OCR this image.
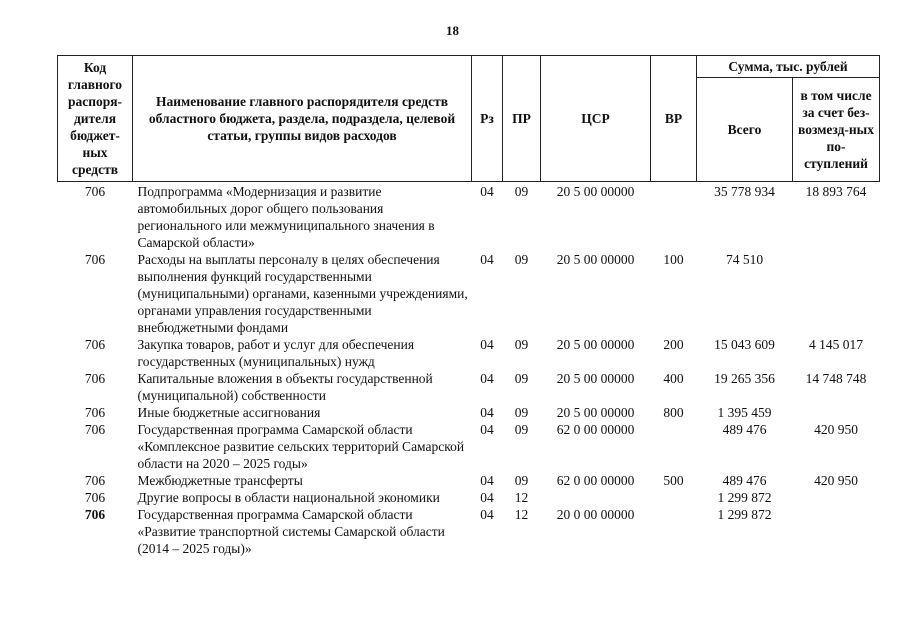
18
Код главного распоря-дителя бюджет-ных средств	Наименование главного распорядителя средств областного бюджета, раздела, подраздела, целевой статьи, группы видов расходов	Рз	ПР	ЦСР	ВР	Сумма, тыс. рублей	
						Всего	в том числе за счет без-возмезд-ных по-ступлений
706	Подпрограмма «Модернизация и развитие автомобильных дорог общего пользования регионального или межмуниципального значения в Самарской области»	04	09	20 5 00 00000		35 778 934	18 893 764
706	Расходы на выплаты персоналу в целях обеспечения выполнения функций государственными (муниципальными) органами, казенными учреждениями, органами управления государственными внебюджетными фондами	04	09	20 5 00 00000	100	74 510	
706	Закупка товаров, работ и услуг для обеспечения государственных (муниципальных) нужд	04	09	20 5 00 00000	200	15 043 609	4 145 017
706	Капитальные вложения в объекты государственной (муниципальной) собственности	04	09	20 5 00 00000	400	19 265 356	14 748 748
706	Иные бюджетные ассигнования	04	09	20 5 00 00000	800	1 395 459	
706	Государственная программа Самарской области «Комплексное развитие сельских территорий Самарской области на 2020 – 2025 годы»	04	09	62 0 00 00000		489 476	420 950
706	Межбюджетные трансферты	04	09	62 0 00 00000	500	489 476	420 950
706	Другие вопросы в области национальной экономики	04	12			1 299 872	
706	Государственная программа Самарской области «Развитие транспортной системы Самарской области (2014 – 2025 годы)»	04	12	20 0 00 00000		1 299 872	
